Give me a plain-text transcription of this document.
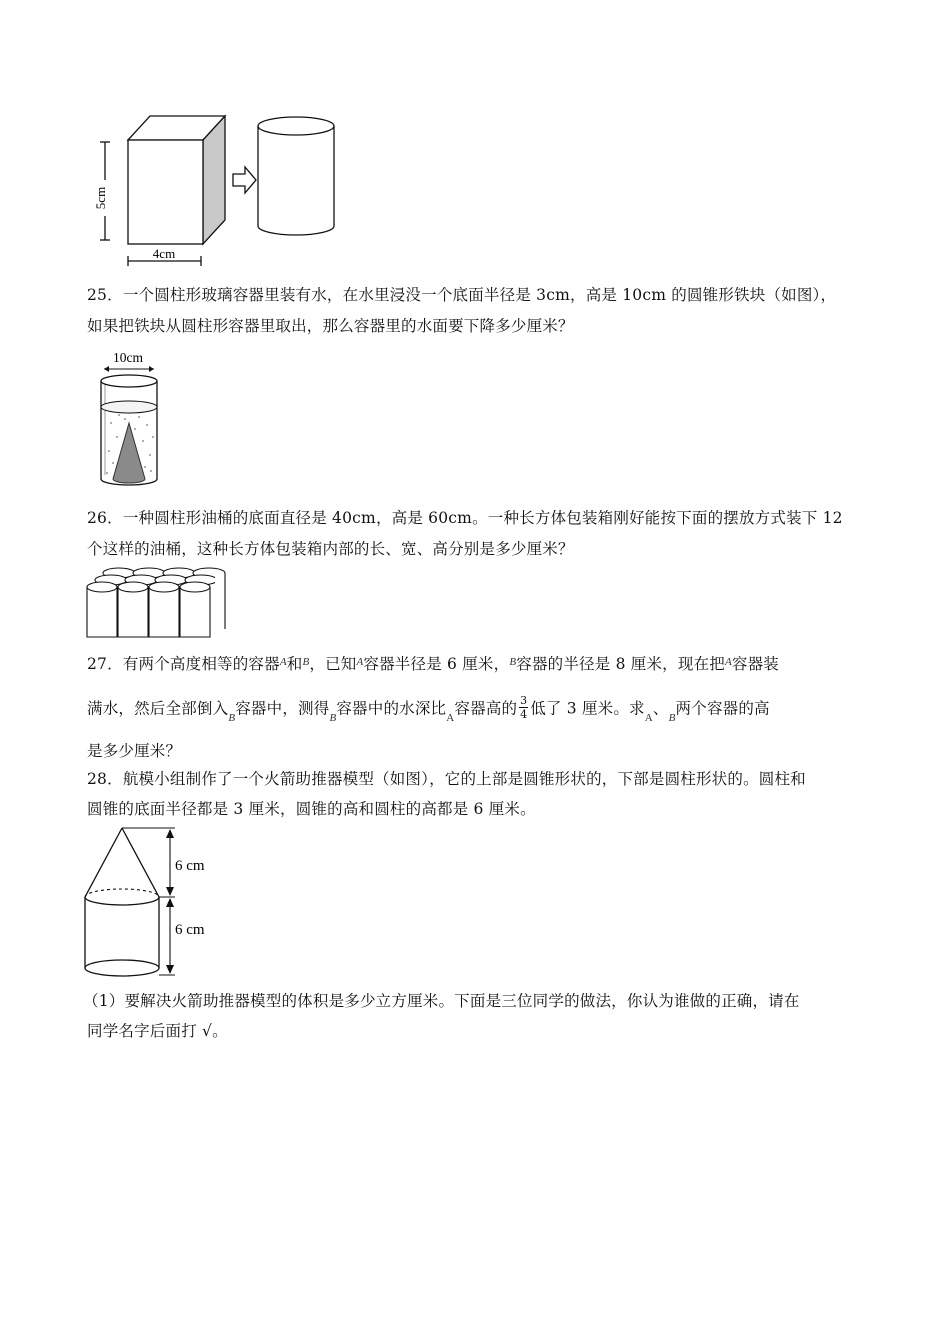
5cm
4cm
25．一个圆柱形玻璃容器里装有水，在水里浸没一个底面半径是 3cm，高是 10cm 的圆锥形铁块（如图），
如果把铁块从圆柱形容器里取出，那么容器里的水面要下降多少厘米？
10cm
26．一种圆柱形油桶的底面直径是 40cm，高是 60cm。一种长方体包装箱刚好能按下面的摆放方式装下 12
个这样的油桶，这种长方体包装箱内部的长、宽、高分别是多少厘米？
27．有两个高度相等的容器$^A$和$^B$，已知$^A$容器半径是 6 厘米，$^B$容器的半径是 8 厘米，现在把$^A$容器装
满水，然后全部倒入$_B$容器中，测得$_B$容器中的水深比$_A$容器高的 $\frac{3}{4}$ 低了 3 厘米。求$_A$、$_B$两个容器的高
是多少厘米？
28．航模小组制作了一个火箭助推器模型（如图），它的上部是圆锥形状的，下部是圆柱形状的。圆柱和
圆锥的底面半径都是 3 厘米，圆锥的高和圆柱的高都是 6 厘米。
6 cm
6 cm
（1）要解决火箭助推器模型的体积是多少立方厘米。下面是三位同学的做法，你认为谁做的正确，请在
同学名字后面打 √。
